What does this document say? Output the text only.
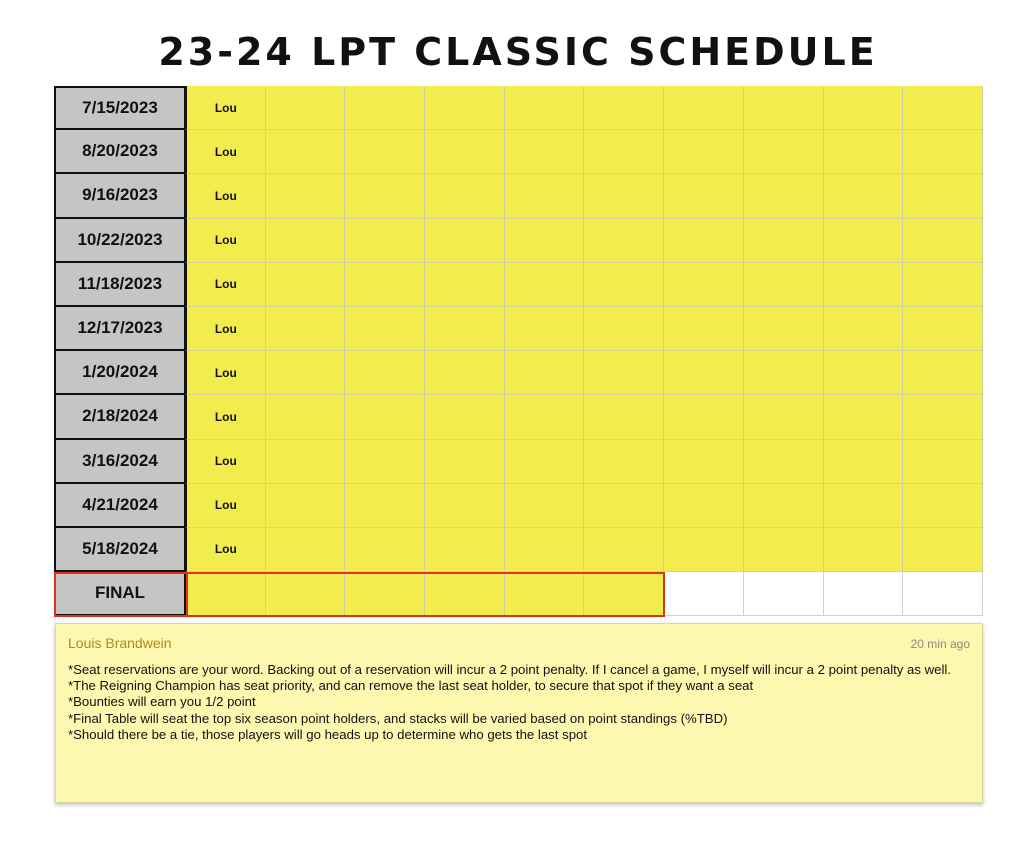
23-24 LPT CLASSIC SCHEDULE
7/15/2023	Lou
8/20/2023	Lou
9/16/2023	Lou
10/22/2023	Lou
11/18/2023	Lou
12/17/2023	Lou
1/20/2024	Lou
2/18/2024	Lou
3/16/2024	Lou
4/21/2024	Lou
5/18/2024	Lou
FINAL
Louis Brandwein	20 min ago
*Seat reservations are your word. Backing out of a reservation will incur a 2 point penalty. If I cancel a game, I myself will incur a 2 point penalty as well.
*The Reigning Champion has seat priority, and can remove the last seat holder, to secure that spot if they want a seat
*Bounties will earn you 1/2 point
*Final Table will seat the top six season point holders, and stacks will be varied based on point standings (%TBD)
*Should there be a tie, those players will go heads up to determine who gets the last spot
